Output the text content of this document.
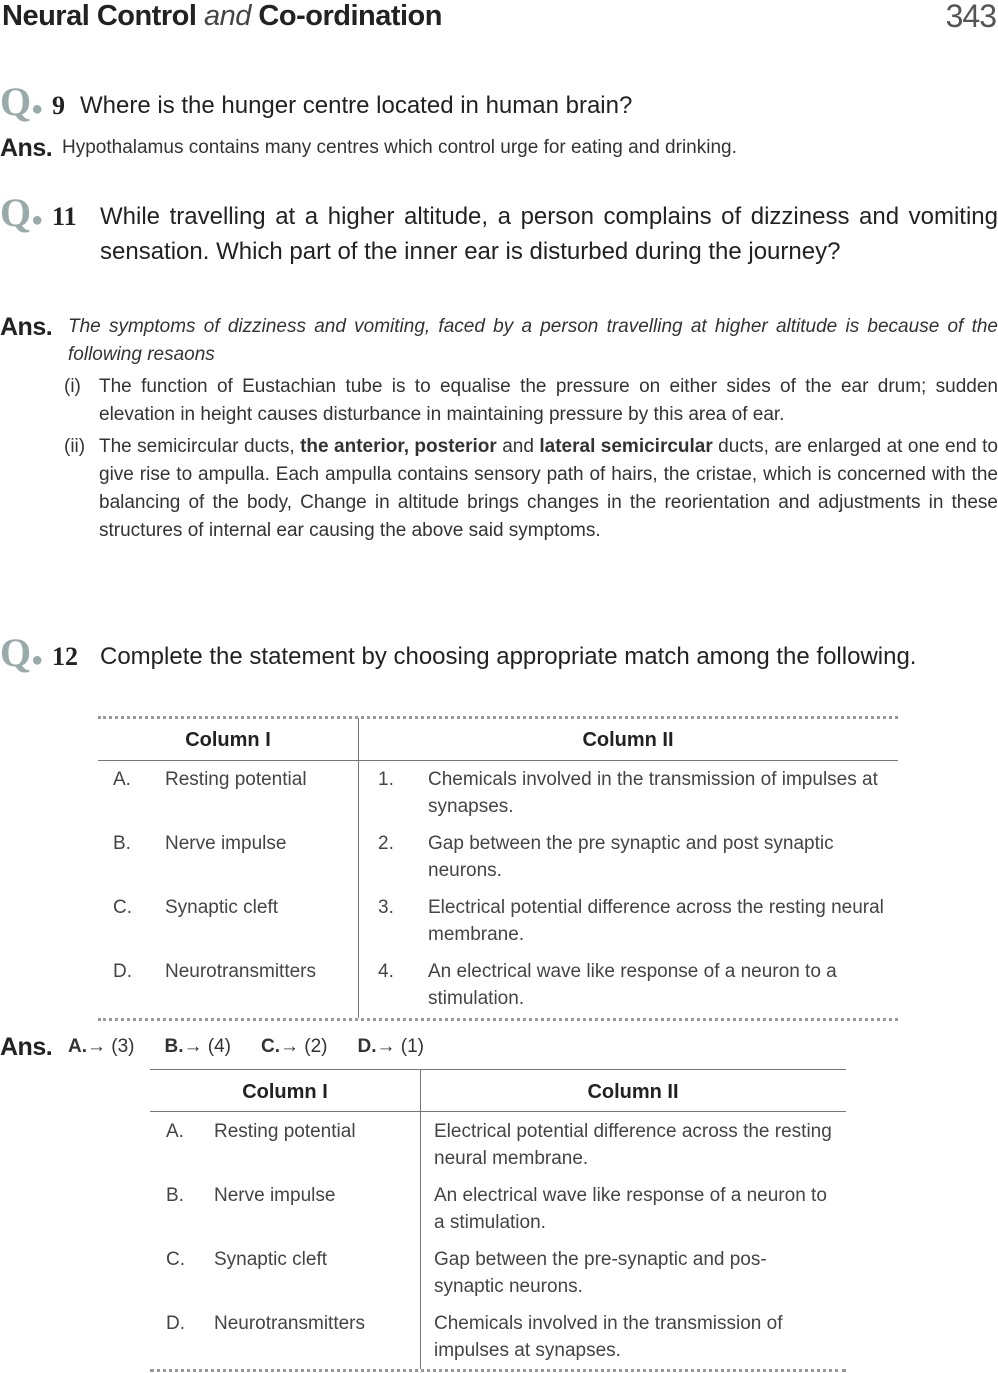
Neural Control and Co-ordination	343
Q● 9 Where is the hunger centre located in human brain?
Ans. Hypothalamus contains many centres which control urge for eating and drinking.
Q● 11 While travelling at a higher altitude, a person complains of dizziness and vomiting sensation. Which part of the inner ear is disturbed during the journey?
Ans. The symptoms of dizziness and vomiting, faced by a person travelling at higher altitude is because of the following resaons
(i) The function of Eustachian tube is to equalise the pressure on either sides of the ear drum; sudden elevation in height causes disturbance in maintaining pressure by this area of ear.
(ii) The semicircular ducts, the anterior, posterior and lateral semicircular ducts, are enlarged at one end to give rise to ampulla. Each ampulla contains sensory path of hairs, the cristae, which is concerned with the balancing of the body, Change in altitude brings changes in the reorientation and adjustments in these structures of internal ear causing the above said symptoms.
Q● 12 Complete the statement by choosing appropriate match among the following.
Column I	Column II
A. Resting potential	1. Chemicals involved in the transmission of impulses at synapses.
B. Nerve impulse	2. Gap between the pre synaptic and post synaptic neurons.
C. Synaptic cleft	3. Electrical potential difference across the resting neural membrane.
D. Neurotransmitters	4. An electrical wave like response of a neuron to a stimulation.
Ans. A.→ (3) B.→ (4) C.→ (2) D.→ (1)
Column I	Column II
A. Resting potential	Electrical potential difference across the resting neural membrane.
B. Nerve impulse	An electrical wave like response of a neuron to a stimulation.
C. Synaptic cleft	Gap between the pre-synaptic and pos-synaptic neurons.
D. Neurotransmitters	Chemicals involved in the transmission of impulses at synapses.
